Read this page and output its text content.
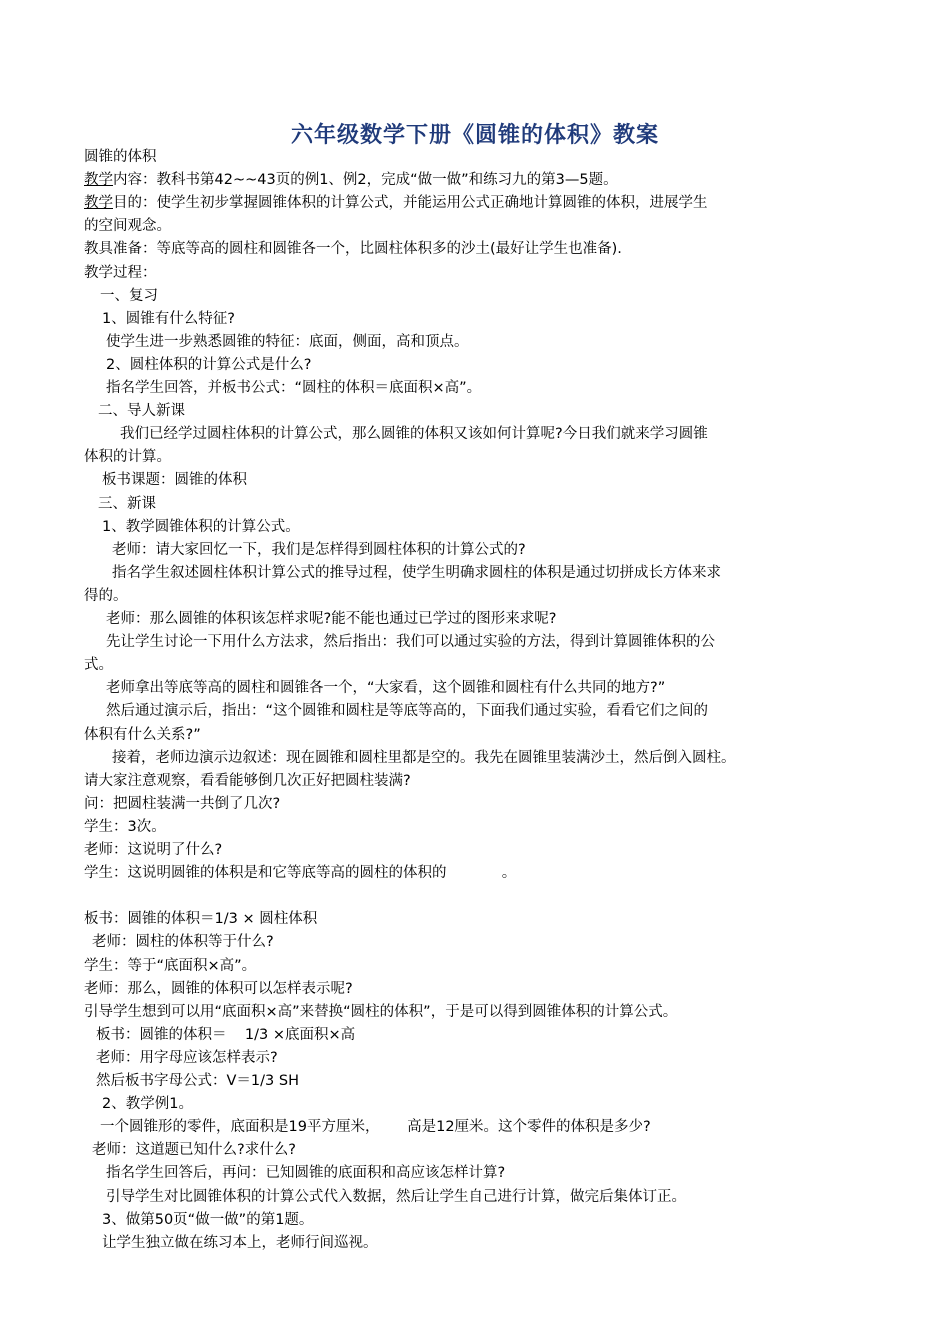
六年级数学下册《圆锥的体积》教案
圆锥的体积
教学内容：教科书第42~~43页的例1、例2，完成“做一做”和练习九的第3—5题。
教学目的：使学生初步掌握圆锥体积的计算公式，并能运用公式正确地计算圆锥的体积，进展学生
的空间观念。
教具准备：等底等高的圆柱和圆锥各一个，比圆柱体积多的沙土(最好让学生也准备).
教学过程：
一、复习
1、圆锥有什么特征?
使学生进一步熟悉圆锥的特征：底面，侧面，高和顶点。
2、圆柱体积的计算公式是什么?
指名学生回答，并板书公式：“圆柱的体积＝底面积×高”。
二、导人新课
我们已经学过圆柱体积的计算公式，那么圆锥的体积又该如何计算呢?今日我们就来学习圆锥
体积的计算。
板书课题：圆锥的体积
三、新课
1、教学圆锥体积的计算公式。
老师：请大家回忆一下，我们是怎样得到圆柱体积的计算公式的?
指名学生叙述圆柱体积计算公式的推导过程，使学生明确求圆柱的体积是通过切拼成长方体来求
得的。
老师：那么圆锥的体积该怎样求呢?能不能也通过已学过的图形来求呢?
先让学生讨论一下用什么方法求，然后指出：我们可以通过实验的方法，得到计算圆锥体积的公
式。
老师拿出等底等高的圆柱和圆锥各一个，“大家看，这个圆锥和圆柱有什么共同的地方?”
然后通过演示后，指出：“这个圆锥和圆柱是等底等高的，下面我们通过实验，看看它们之间的
体积有什么关系?”
接着，老师边演示边叙述：现在圆锥和圆柱里都是空的。我先在圆锥里装满沙土，然后倒入圆柱。
请大家注意观察，看看能够倒几次正好把圆柱装满?
问：把圆柱装满一共倒了几次?
学生：3次。
老师：这说明了什么?
学生：这说明圆锥的体积是和它等底等高的圆柱的体积的            。
板书：圆锥的体积＝1/3 × 圆柱体积
老师：圆柱的体积等于什么?
学生：等于“底面积×高”。
老师：那么，圆锥的体积可以怎样表示呢?
引导学生想到可以用“底面积×高”来替换“圆柱的体积”，于是可以得到圆锥体积的计算公式。
板书：圆锥的体积＝    1/3 ×底面积×高
老师：用字母应该怎样表示?
然后板书字母公式：V＝1/3 SH
2、教学例1。
一个圆锥形的零件，底面积是19平方厘米，      高是12厘米。这个零件的体积是多少?
老师：这道题已知什么?求什么?
指名学生回答后，再问：已知圆锥的底面积和高应该怎样计算?
引导学生对比圆锥体积的计算公式代入数据，然后让学生自己进行计算，做完后集体订正。
3、做第50页“做一做”的第1题。
让学生独立做在练习本上，老师行间巡视。
